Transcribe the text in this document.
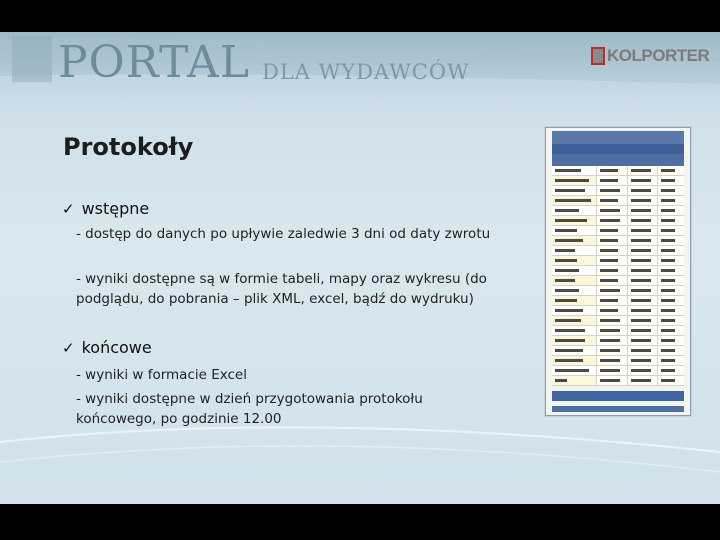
PORTAL DLA WYDAWCÓW
KOLPORTER
Protokoły
✓ wstępne

- dostęp do danych po upływie zaledwie 3 dni od daty zwrotu

- wyniki dostępne są w formie tabeli, mapy oraz wykresu (do podglądu, do pobrania – plik XML, excel, bądź do wydruku)

✓ końcowe

- wyniki w formacie Excel

- wyniki dostępne w dzień przygotowania protokołu końcowego, po godzinie 12.00
